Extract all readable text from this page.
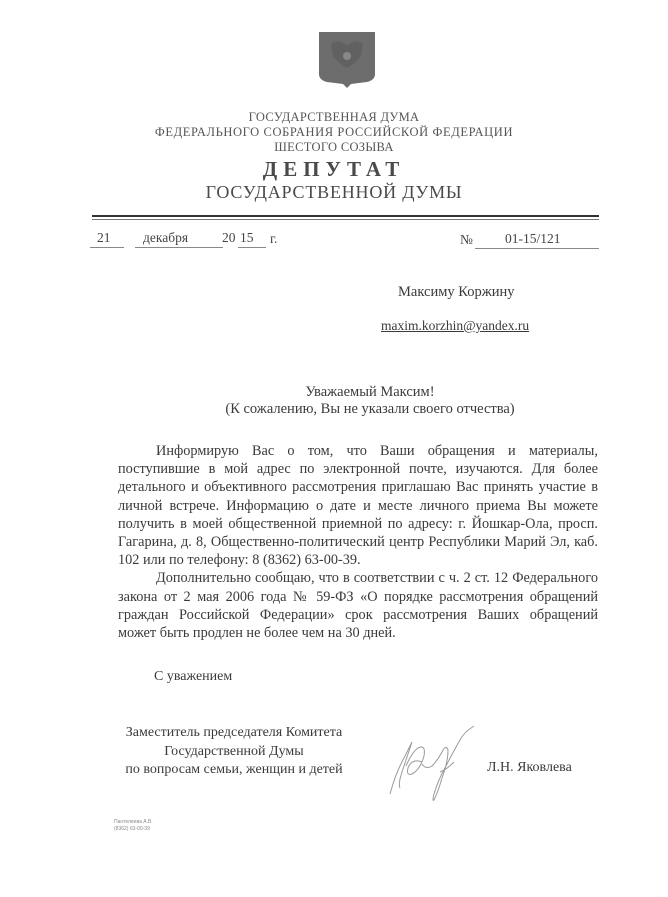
ГОСУДАРСТВЕННАЯ ДУМА
ФЕДЕРАЛЬНОГО СОБРАНИЯ РОССИЙСКОЙ ФЕДЕРАЦИИ
ШЕСТОГО СОЗЫВА
ДЕПУТАТ
ГОСУДАРСТВЕННОЙ ДУМЫ
21 декабря	20 15 г.	№ 01-15/121
Максиму Коржину
maxim.korzhin@yandex.ru
Уважаемый Максим!
(К сожалению, Вы не указали своего отчества)

Информирую Вас о том, что Ваши обращения и материалы, поступившие в мой адрес по электронной почте, изучаются. Для более детального и объективного рассмотрения приглашаю Вас принять участие в личной встрече. Информацию о дате и месте личного приема Вы можете получить в моей общественной приемной по адресу: г. Йошкар-Ола, просп. Гагарина, д. 8, Общественно-политический центр Республики Марий Эл, каб. 102 или по телефону: 8 (8362) 63-00-39.

Дополнительно сообщаю, что в соответствии с ч. 2 ст. 12 Федерального закона от 2 мая 2006 года № 59-ФЗ «О порядке рассмотрения обращений граждан Российской Федерации» срок рассмотрения Ваших обращений может быть продлен не более чем на 30 дней.

С уважением
Заместитель председателя Комитета
Государственной Думы
по вопросам семьи, женщин и детей	Л.Н. Яковлева
Пантелеева А.В.
(8362) 63-00-39
